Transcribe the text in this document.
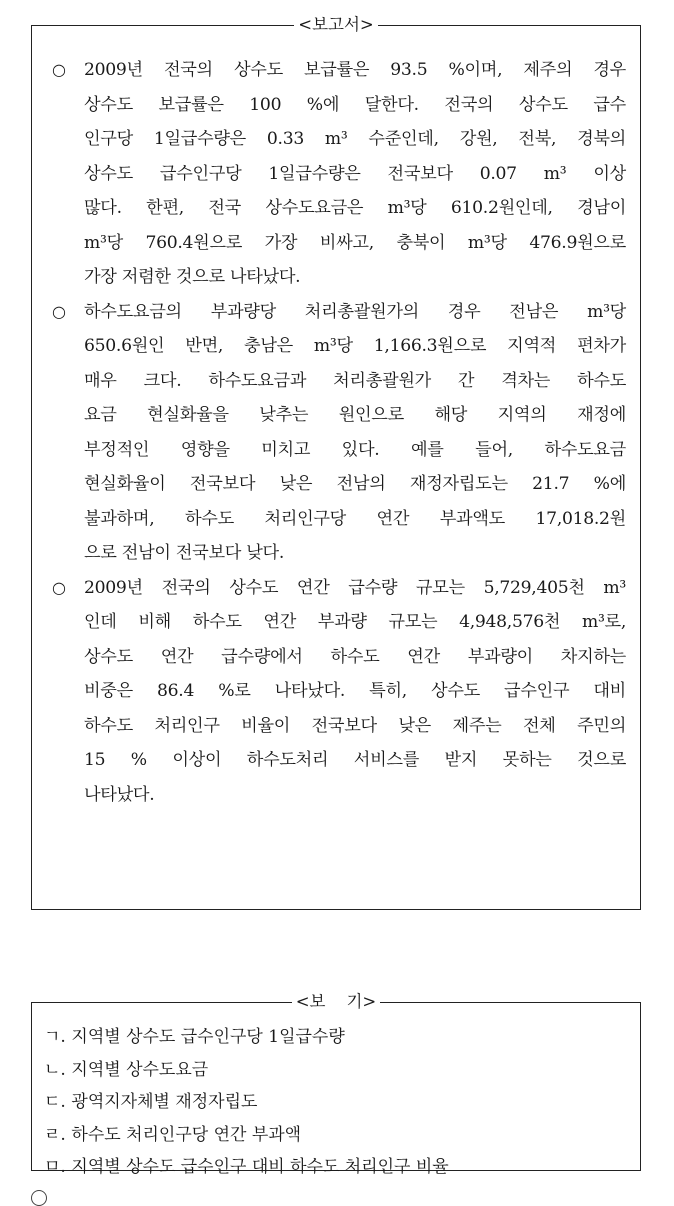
<보고서>
○ 2009년 전국의 상수도 보급률은 93.5 %이며, 제주의 경우
상수도 보급률은 100 %에 달한다. 전국의 상수도 급수
인구당 1일급수량은 0.33 m³ 수준인데, 강원, 전북, 경북의
상수도 급수인구당 1일급수량은 전국보다 0.07 m³ 이상
많다. 한편, 전국 상수도요금은 m³당 610.2원인데, 경남이
m³당 760.4원으로 가장 비싸고, 충북이 m³당 476.9원으로
가장 저렴한 것으로 나타났다.
○ 하수도요금의 부과량당 처리총괄원가의 경우 전남은 m³당
650.6원인 반면, 충남은 m³당 1,166.3원으로 지역적 편차가
매우 크다. 하수도요금과 처리총괄원가 간 격차는 하수도
요금 현실화율을 낮추는 원인으로 해당 지역의 재정에
부정적인 영향을 미치고 있다. 예를 들어, 하수도요금
현실화율이 전국보다 낮은 전남의 재정자립도는 21.7 %에
불과하며, 하수도 처리인구당 연간 부과액도 17,018.2원
으로 전남이 전국보다 낮다.
○ 2009년 전국의 상수도 연간 급수량 규모는 5,729,405천 m³
인데 비해 하수도 연간 부과량 규모는 4,948,576천 m³로,
상수도 연간 급수량에서 하수도 연간 부과량이 차지하는
비중은 86.4 %로 나타났다. 특히, 상수도 급수인구 대비
하수도 처리인구 비율이 전국보다 낮은 제주는 전체 주민의
15 % 이상이 하수도처리 서비스를 받지 못하는 것으로
나타났다.
<보    기>
ㄱ. 지역별 상수도 급수인구당 1일급수량
ㄴ. 지역별 상수도요금
ㄷ. 광역지자체별 재정자립도
ㄹ. 하수도 처리인구당 연간 부과액
ㅁ. 지역별 상수도 급수인구 대비 하수도 처리인구 비율
